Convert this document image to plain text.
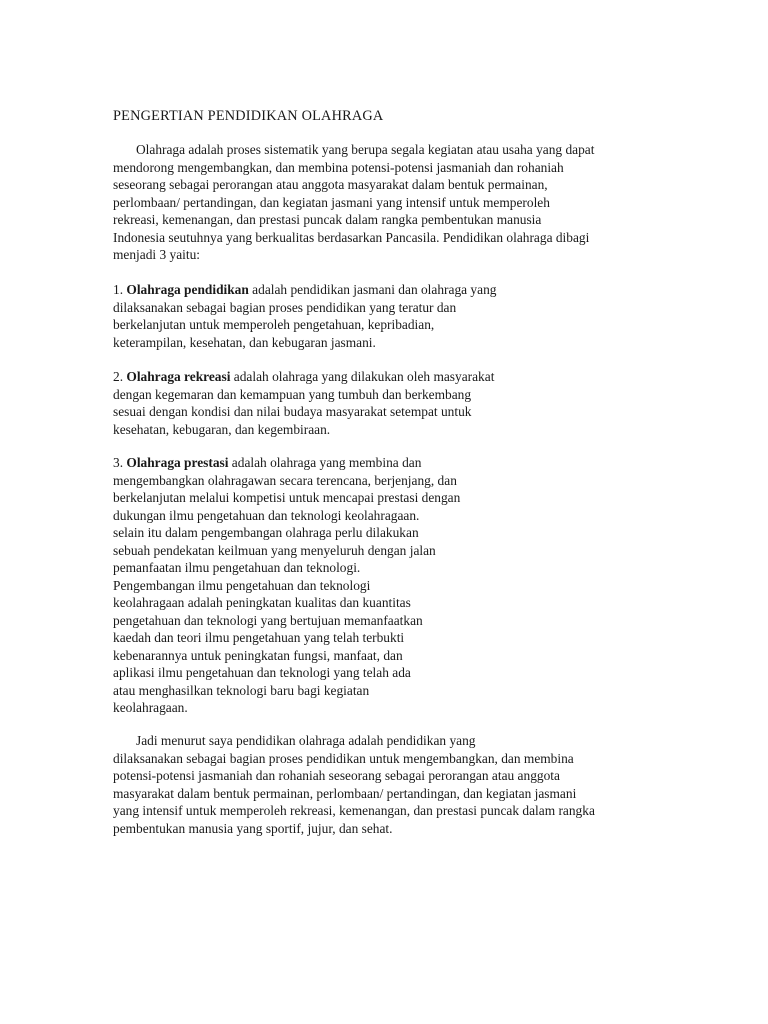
PENGERTIAN PENDIDIKAN OLAHRAGA
Olahraga adalah proses sistematik yang berupa segala kegiatan atau usaha yang dapat
mendorong mengembangkan, dan membina potensi-potensi jasmaniah dan rohaniah
seseorang sebagai perorangan atau anggota masyarakat dalam bentuk permainan,
perlombaan/ pertandingan, dan kegiatan jasmani yang intensif untuk memperoleh
rekreasi, kemenangan, dan prestasi puncak dalam rangka pembentukan manusia
Indonesia seutuhnya yang berkualitas berdasarkan Pancasila. Pendidikan olahraga dibagi
menjadi 3 yaitu:
1. Olahraga pendidikan adalah pendidikan jasmani dan olahraga yang
dilaksanakan sebagai bagian proses pendidikan yang teratur dan
berkelanjutan untuk memperoleh pengetahuan, kepribadian,
keterampilan, kesehatan, dan kebugaran jasmani.
2. Olahraga rekreasi adalah olahraga yang dilakukan oleh masyarakat
dengan kegemaran dan kemampuan yang tumbuh dan berkembang
sesuai dengan kondisi dan nilai budaya masyarakat setempat untuk
kesehatan, kebugaran, dan kegembiraan.
3. Olahraga prestasi adalah olahraga yang membina dan
mengembangkan olahragawan secara terencana, berjenjang, dan
berkelanjutan melalui kompetisi untuk mencapai prestasi dengan
dukungan ilmu pengetahuan dan teknologi keolahragaan.
selain itu dalam pengembangan olahraga perlu dilakukan
sebuah pendekatan keilmuan yang menyeluruh dengan jalan
pemanfaatan ilmu pengetahuan dan teknologi.
Pengembangan ilmu pengetahuan dan teknologi
keolahragaan adalah peningkatan kualitas dan kuantitas
pengetahuan dan teknologi yang bertujuan memanfaatkan
kaedah dan teori ilmu pengetahuan yang telah terbukti
kebenarannya untuk peningkatan fungsi, manfaat, dan
aplikasi ilmu pengetahuan dan teknologi yang telah ada
atau menghasilkan teknologi baru bagi kegiatan
keolahragaan.
Jadi menurut saya pendidikan olahraga adalah pendidikan yang
dilaksanakan sebagai bagian proses pendidikan untuk mengembangkan, dan membina
potensi-potensi jasmaniah dan rohaniah seseorang sebagai perorangan atau anggota
masyarakat dalam bentuk permainan, perlombaan/ pertandingan, dan kegiatan jasmani
yang intensif untuk memperoleh rekreasi, kemenangan, dan prestasi puncak dalam rangka
pembentukan manusia yang sportif, jujur, dan sehat.
